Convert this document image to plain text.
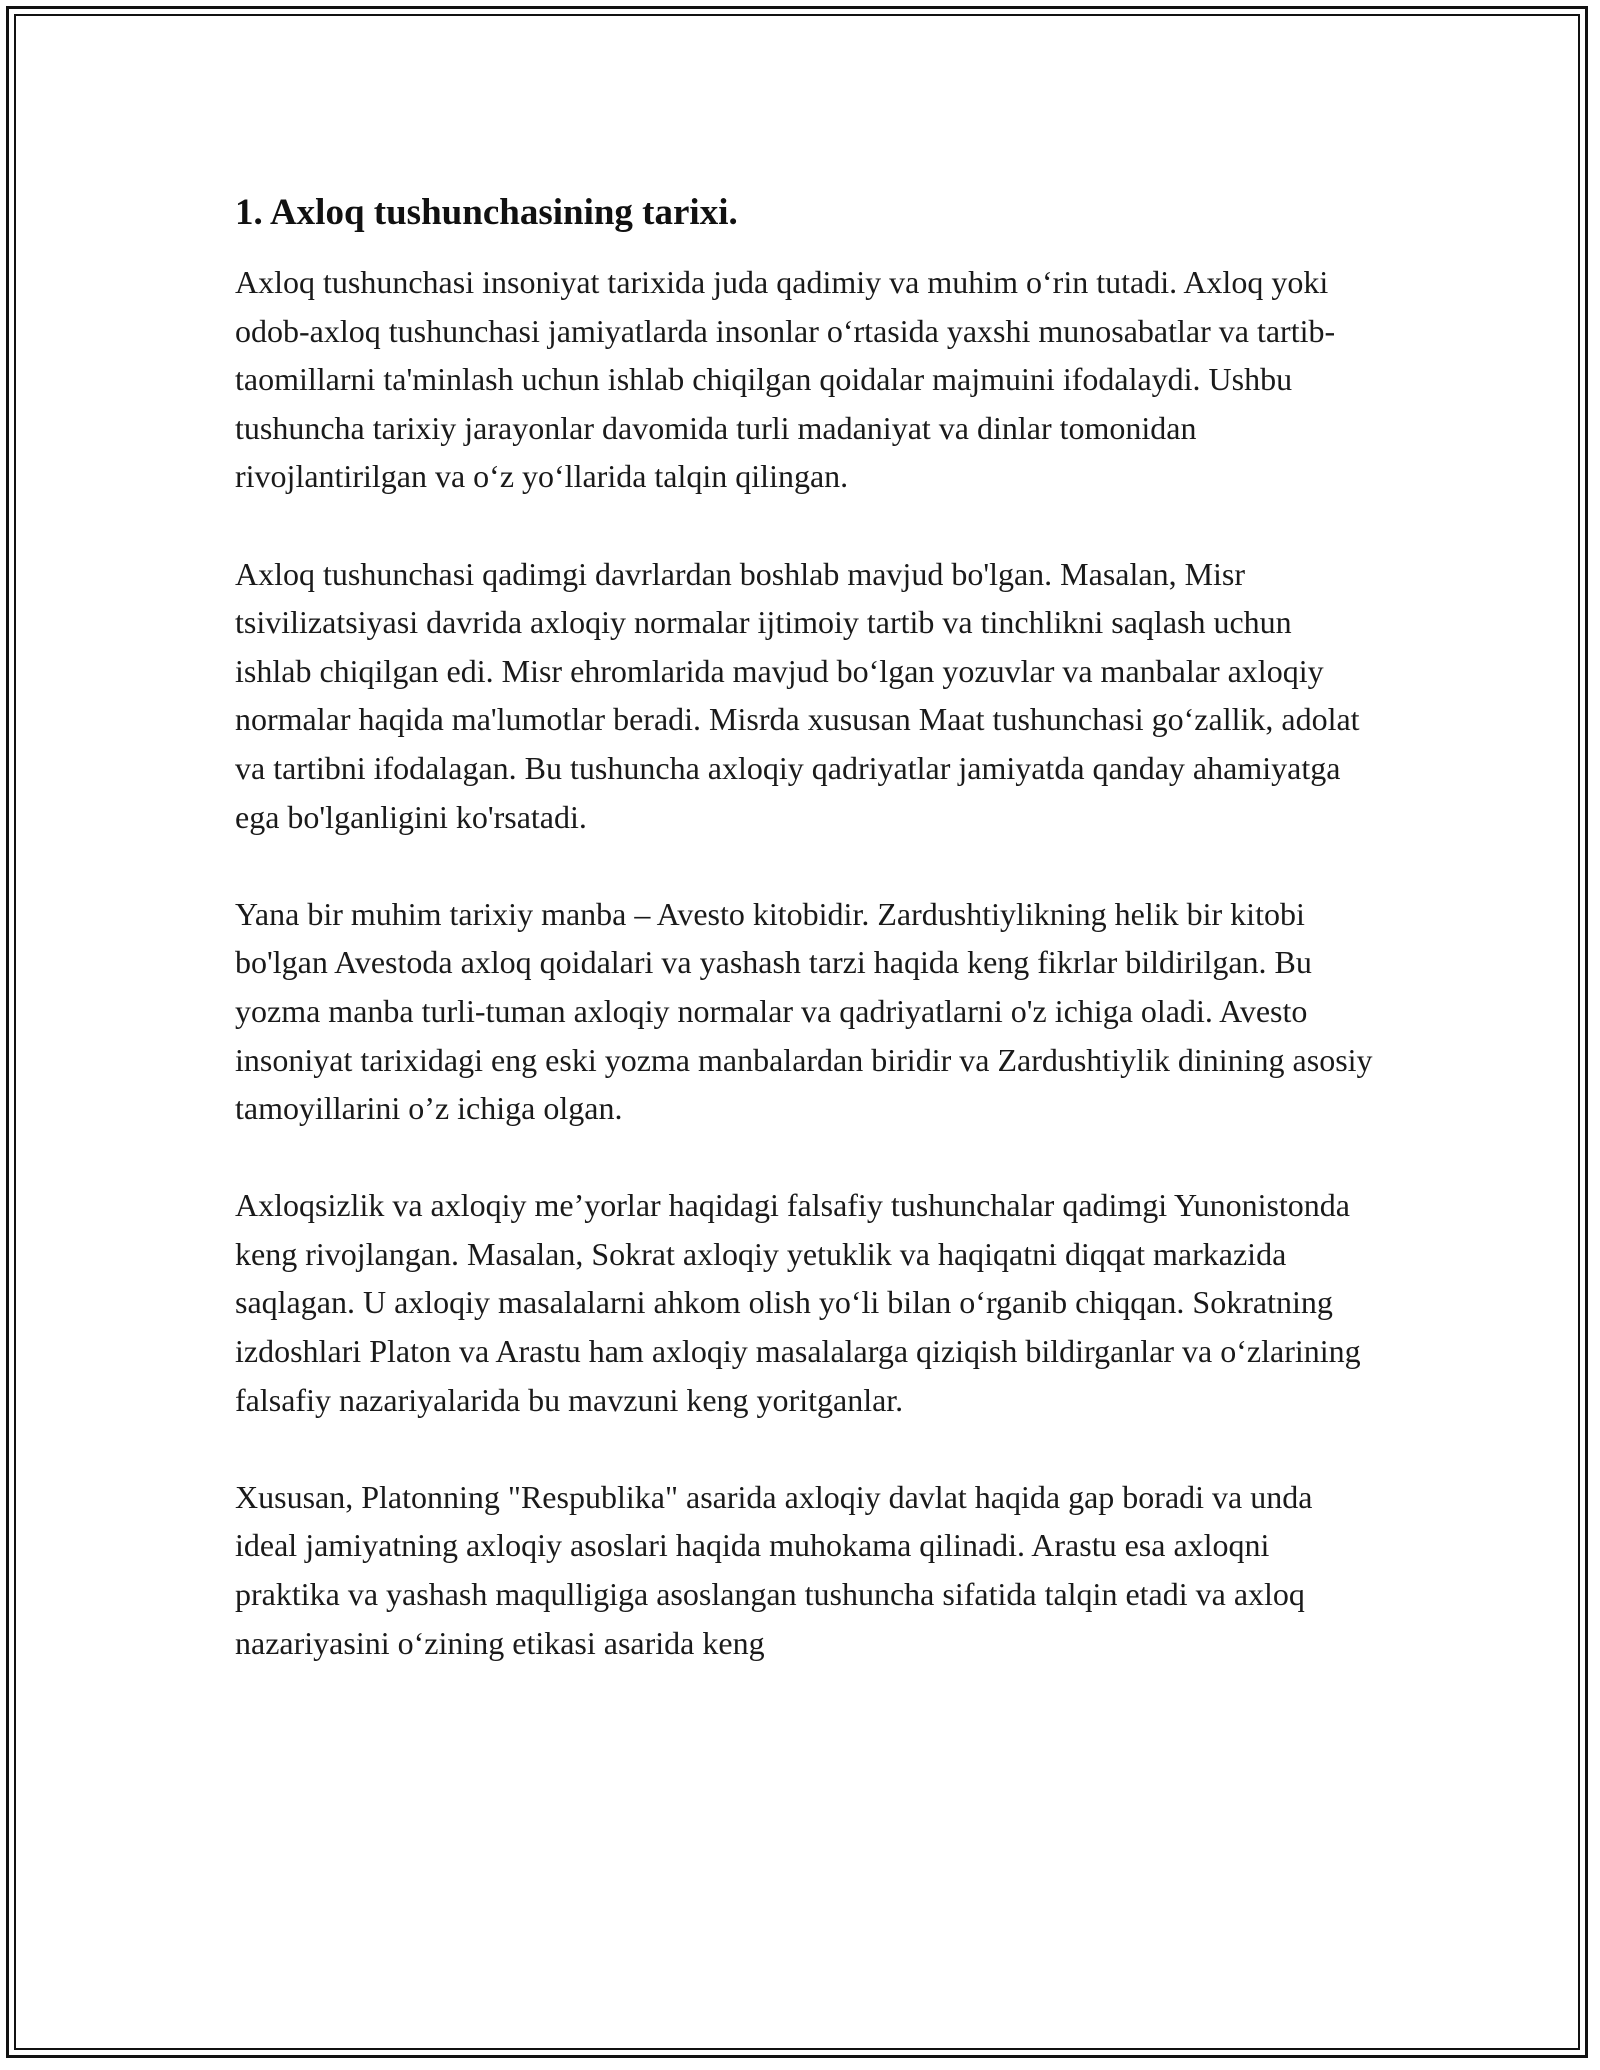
1. Axloq tushunchasining tarixi.

Axloq tushunchasi insoniyat tarixida juda qadimiy va muhim o‘rin tutadi. Axloq yoki odob-axloq tushunchasi jamiyatlarda insonlar o‘rtasida yaxshi munosabatlar va tartib-taomillarni ta'minlash uchun ishlab chiqilgan qoidalar majmuini ifodalaydi. Ushbu tushuncha tarixiy jarayonlar davomida turli madaniyat va dinlar tomonidan rivojlantirilgan va o‘z yo‘llarida talqin qilingan.

Axloq tushunchasi qadimgi davrlardan boshlab mavjud bo'lgan. Masalan, Misr tsivilizatsiyasi davrida axloqiy normalar ijtimoiy tartib va tinchlikni saqlash uchun ishlab chiqilgan edi. Misr ehromlarida mavjud bo‘lgan yozuvlar va manbalar axloqiy normalar haqida ma'lumotlar beradi. Misrda xususan Maat tushunchasi go‘zallik, adolat va tartibni ifodalagan. Bu tushuncha axloqiy qadriyatlar jamiyatda qanday ahamiyatga ega bo'lganligini ko'rsatadi.

Yana bir muhim tarixiy manba – Avesto kitobidir. Zardushtiylikning helik bir kitobi bo'lgan Avestoda axloq qoidalari va yashash tarzi haqida keng fikrlar bildirilgan. Bu yozma manba turli-tuman axloqiy normalar va qadriyatlarni o'z ichiga oladi. Avesto insoniyat tarixidagi eng eski yozma manbalardan biridir va Zardushtiylik dinining asosiy tamoyillarini o’z ichiga olgan.

Axloqsizlik va axloqiy me’yorlar haqidagi falsafiy tushunchalar qadimgi Yunonistonda keng rivojlangan. Masalan, Sokrat axloqiy yetuklik va haqiqatni diqqat markazida saqlagan. U axloqiy masalalarni ahkom olish yo‘li bilan o‘rganib chiqqan. Sokratning izdoshlari Platon va Arastu ham axloqiy masalalarga qiziqish bildirganlar va o‘zlarining falsafiy nazariyalarida bu mavzuni keng yoritganlar.

Xususan, Platonning "Respublika" asarida axloqiy davlat haqida gap boradi va unda ideal jamiyatning axloqiy asoslari haqida muhokama qilinadi. Arastu esa axloqni praktika va yashash maqulligiga asoslangan tushuncha sifatida talqin etadi va axloq nazariyasini o‘zining etikasi asarida keng
